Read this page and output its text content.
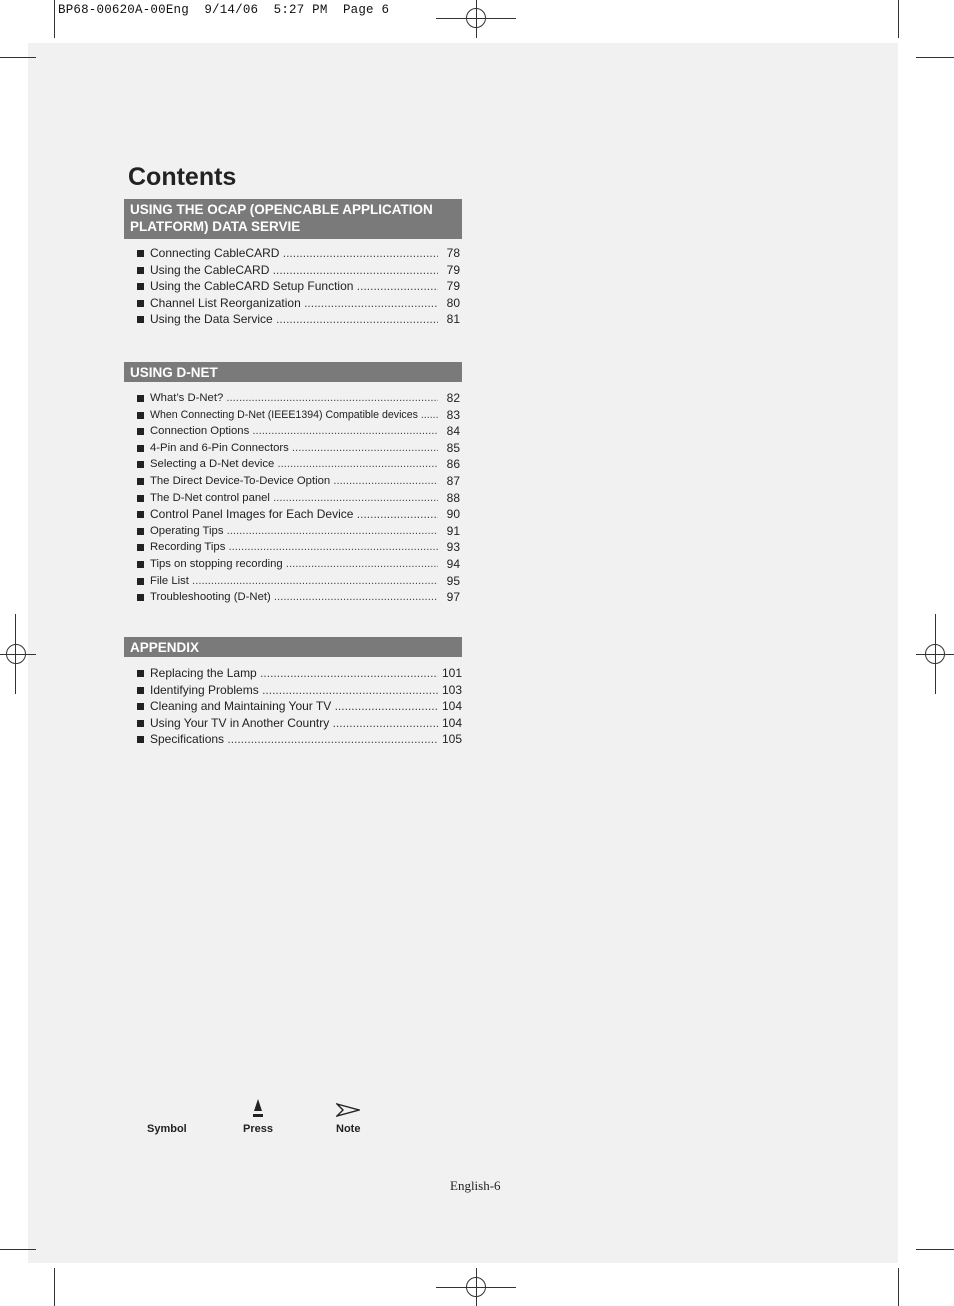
BP68-00620A-00Eng  9/14/06  5:27 PM  Page 6
Contents
USING THE OCAP (OPENCABLE APPLICATION PLATFORM) DATA SERVIE
Connecting CableCARD .....	78
Using the CableCARD .....	79
Using the CableCARD Setup Function .....	79
Channel List Reorganization .....	80
Using the Data Service .....	81
USING D-NET
What’s D-Net? .....	82
When Connecting D-Net (IEEE1394) Compatible devices .....	83
Connection Options .....	84
4-Pin and 6-Pin Connectors .....	85
Selecting a D-Net device .....	86
The Direct Device-To-Device Option .....	87
The D-Net control panel .....	88
Control Panel Images for Each Device .....	90
Operating Tips .....	91
Recording Tips .....	93
Tips on stopping recording .....	94
File List .....	95
Troubleshooting (D-Net) .....	97
APPENDIX
Replacing the Lamp .....	101
Identifying Problems .....	103
Cleaning and Maintaining Your TV .....	104
Using Your TV in Another Country .....	104
Specifications .....	105
Symbol	Press	Note
English-6
